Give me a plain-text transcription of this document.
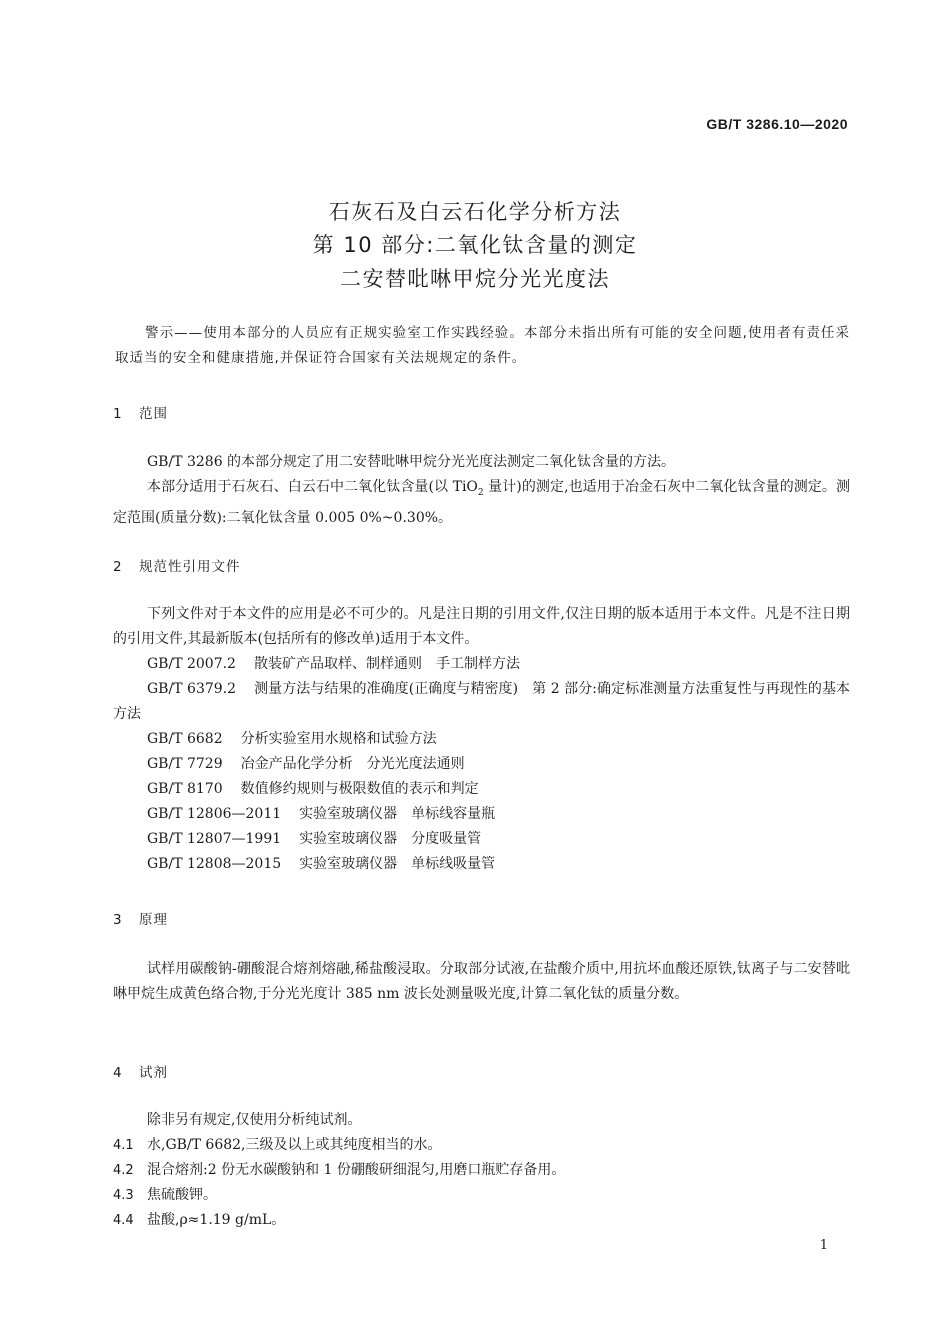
GB/T 3286.10—2020
石灰石及白云石化学分析方法
第 10 部分:二氧化钛含量的测定
二安替吡啉甲烷分光光度法

警示——使用本部分的人员应有正规实验室工作实践经验。本部分未指出所有可能的安全问题,使用者有责任采取适当的安全和健康措施,并保证符合国家有关法规规定的条件。

1 范围

GB/T 3286 的本部分规定了用二安替吡啉甲烷分光光度法测定二氧化钛含量的方法。

本部分适用于石灰石、白云石中二氧化钛含量(以 TiO$_2$ 量计)的测定,也适用于冶金石灰中二氧化钛含量的测定。测定范围(质量分数):二氧化钛含量 0.005 0%~0.30%。

2 规范性引用文件

下列文件对于本文件的应用是必不可少的。凡是注日期的引用文件,仅注日期的版本适用于本文件。凡是不注日期的引用文件,其最新版本(包括所有的修改单)适用于本文件。

GB/T 2007.2 散装矿产品取样、制样通则　手工制样方法

GB/T 6379.2 测量方法与结果的准确度(正确度与精密度)　第 2 部分:确定标准测量方法重复性与再现性的基本方法

GB/T 6682 分析实验室用水规格和试验方法

GB/T 7729 冶金产品化学分析　分光光度法通则

GB/T 8170 数值修约规则与极限数值的表示和判定

GB/T 12806—2011 实验室玻璃仪器　单标线容量瓶

GB/T 12807—1991 实验室玻璃仪器　分度吸量管

GB/T 12808—2015 实验室玻璃仪器　单标线吸量管

3 原理

试样用碳酸钠-硼酸混合熔剂熔融,稀盐酸浸取。分取部分试液,在盐酸介质中,用抗坏血酸还原铁,钛离子与二安替吡啉甲烷生成黄色络合物,于分光光度计 385 nm 波长处测量吸光度,计算二氧化钛的质量分数。

4 试剂
除非另有规定,仅使用分析纯试剂。
4.1 水,GB/T 6682,三级及以上或其纯度相当的水。
4.2 混合熔剂:2 份无水碳酸钠和 1 份硼酸研细混匀,用磨口瓶贮存备用。
4.3 焦硫酸钾。
4.4 盐酸,ρ≈1.19 g/mL。
1
